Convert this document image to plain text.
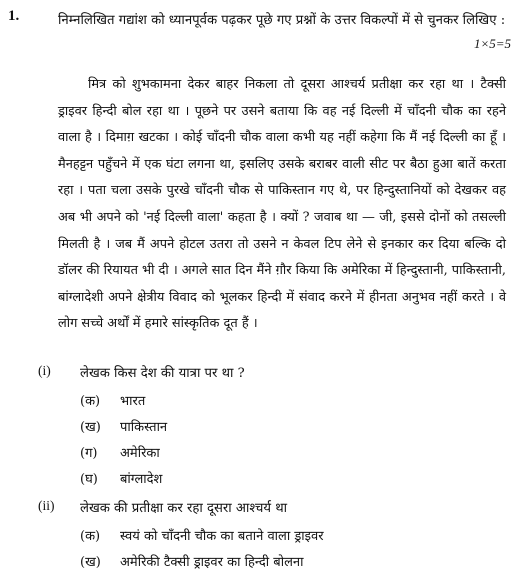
1.	निम्नलिखित गद्यांश को ध्यानपूर्वक पढ़कर पूछे गए प्रश्नों के उत्तर विकल्पों में से चुनकर लिखिए :
1×5=5

मित्र को शुभकामना देकर बाहर निकला तो दूसरा आश्चर्य प्रतीक्षा कर रहा था । टैक्सी ड्राइवर हिन्दी बोल रहा था । पूछने पर उसने बताया कि वह नई दिल्ली में चाँदनी चौक का रहने वाला है । दिमाग़ खटका । कोई चाँदनी चौक वाला कभी यह नहीं कहेगा कि मैं नई दिल्ली का हूँ । मैनहट्टन पहुँचने में एक घंटा लगना था, इसलिए उसके बराबर वाली सीट पर बैठा हुआ बातें करता रहा । पता चला उसके पुरखे चाँदनी चौक से पाकिस्तान गए थे, पर हिन्दुस्तानियों को देखकर वह अब भी अपने को 'नई दिल्ली वाला' कहता है । क्यों ? जवाब था — जी, इससे दोनों को तसल्ली मिलती है । जब मैं अपने होटल उतरा तो उसने न केवल टिप लेने से इनकार कर दिया बल्कि दो डॉलर की रियायत भी दी । अगले सात दिन मैंने ग़ौर किया कि अमेरिका में हिन्दुस्तानी, पाकिस्तानी, बांग्लादेशी अपने क्षेत्रीय विवाद को भूलकर हिन्दी में संवाद करने में हीनता अनुभव नहीं करते । वे लोग सच्चे अर्थों में हमारे सांस्कृतिक दूत हैं ।

(i) लेखक किस देश की यात्रा पर था ?
(क) भारत
(ख) पाकिस्तान
(ग) अमेरिका
(घ) बांग्लादेश
(ii) लेखक की प्रतीक्षा कर रहा दूसरा आश्चर्य था
(क) स्वयं को चाँदनी चौक का बताने वाला ड्राइवर
(ख) अमेरिकी टैक्सी ड्राइवर का हिन्दी बोलना
